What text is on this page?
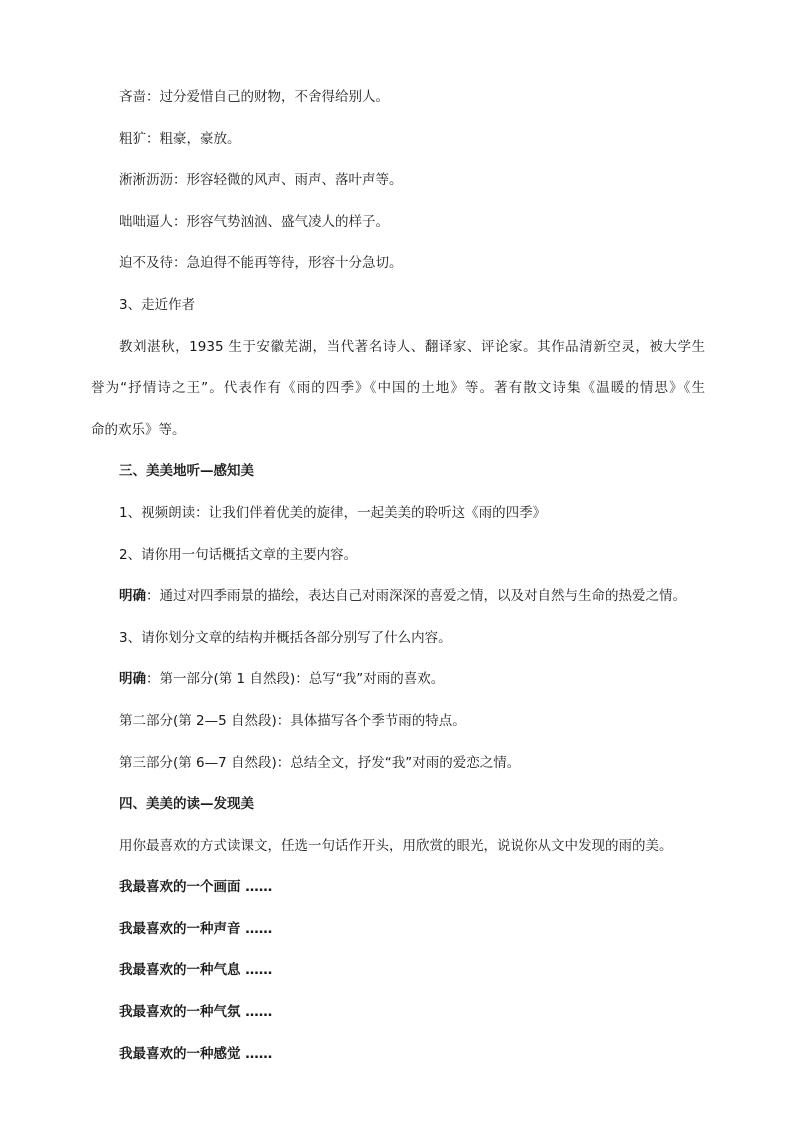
吝啬：过分爱惜自己的财物，不舍得给别人。

粗犷：粗豪，豪放。

淅淅沥沥：形容轻微的风声、雨声、落叶声等。

咄咄逼人：形容气势汹汹、盛气凌人的样子。

迫不及待：急迫得不能再等待，形容十分急切。

3、走近作者

教刘湛秋，1935 生于安徽芜湖，当代著名诗人、翻译家、评论家。其作品清新空灵，被大学生

誉为“抒情诗之王”。代表作有《雨的四季》《中国的土地》等。著有散文诗集《温暖的情思》《生

命的欢乐》等。

三、美美地听—感知美

1、视频朗读：让我们伴着优美的旋律，一起美美的聆听这《雨的四季》

2、请你用一句话概括文章的主要内容。

明确：通过对四季雨景的描绘，表达自己对雨深深的喜爱之情，以及对自然与生命的热爱之情。

3、请你划分文章的结构并概括各部分别写了什么内容。

明确：第一部分(第 1 自然段)：总写“我”对雨的喜欢。

第二部分(第 2—5 自然段)：具体描写各个季节雨的特点。

第三部分(第 6—7 自然段)：总结全文，抒发“我”对雨的爱恋之情。

四、美美的读—发现美

用你最喜欢的方式读课文，任选一句话作开头，用欣赏的眼光，说说你从文中发现的雨的美。

我最喜欢的一个画面 ……

我最喜欢的一种声音 ……

我最喜欢的一种气息 ……

我最喜欢的一种气氛 ……

我最喜欢的一种感觉 ……
